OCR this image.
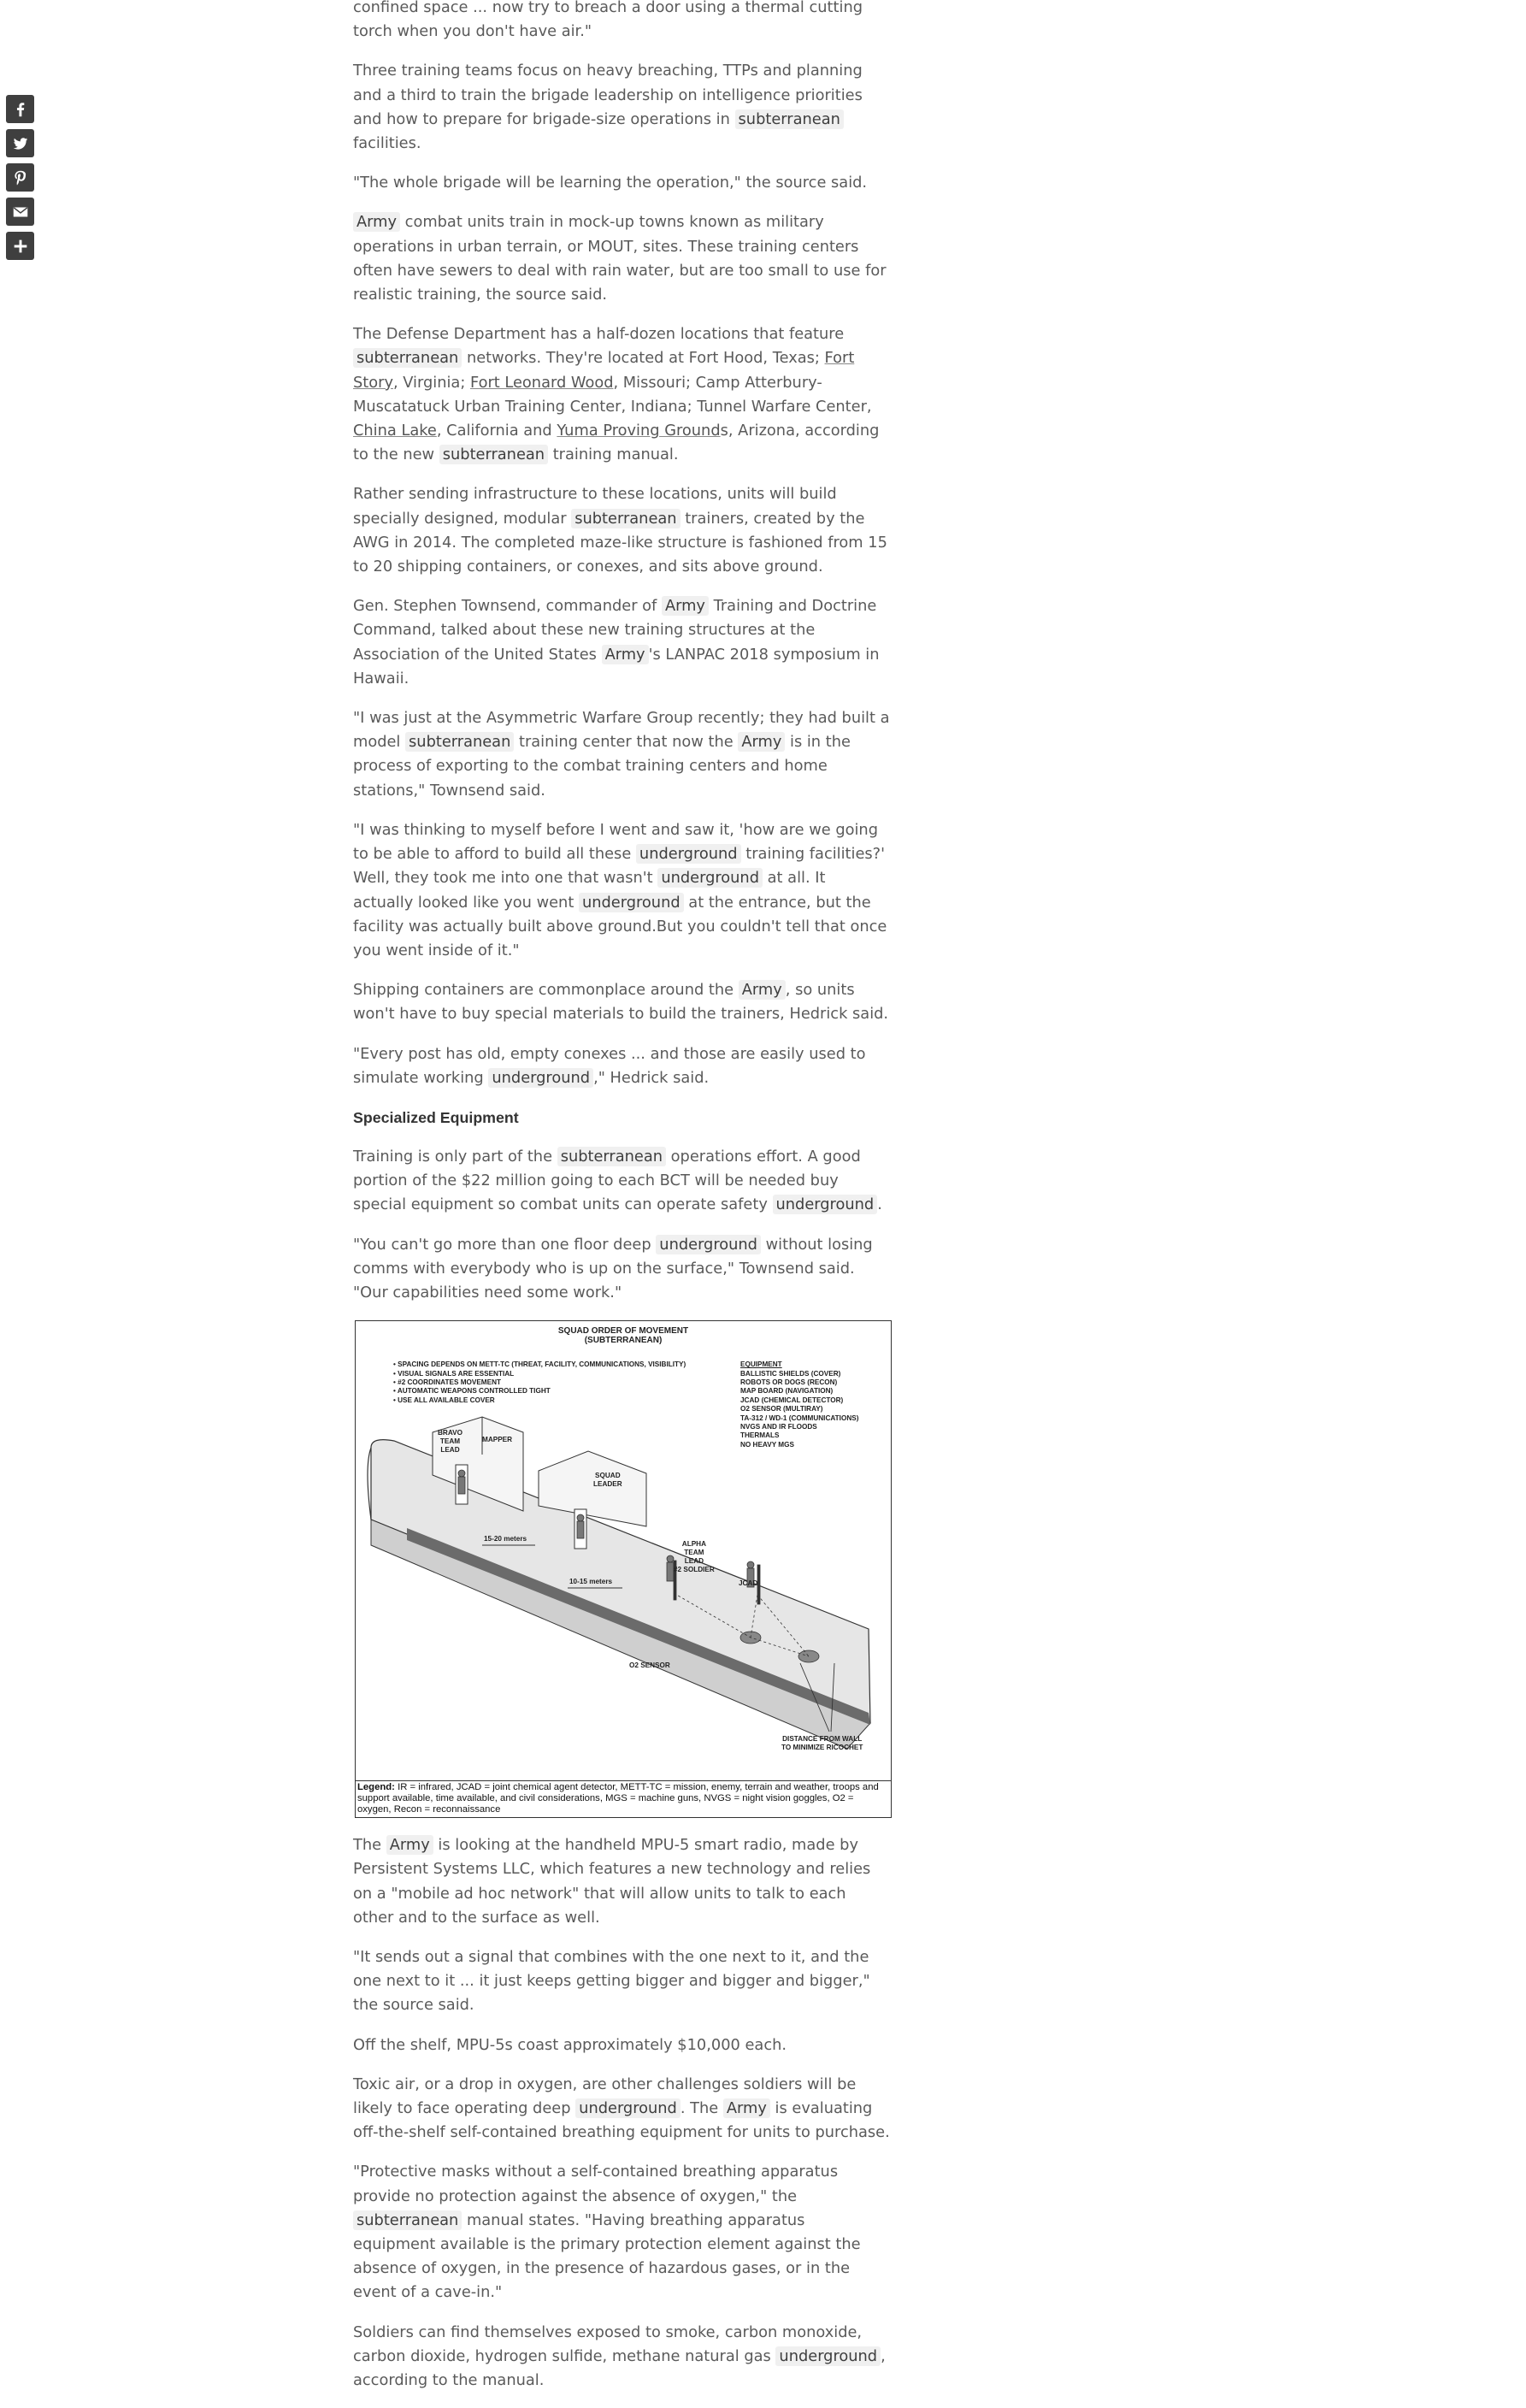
confined space ... now try to breach a door using a thermal cutting torch when you don't have air."

Three training teams focus on heavy breaching, TTPs and planning and a third to train the brigade leadership on intelligence priorities and how to prepare for brigade-size operations in subterranean facilities.

"The whole brigade will be learning the operation," the source said.

Army combat units train in mock-up towns known as military operations in urban terrain, or MOUT, sites. These training centers often have sewers to deal with rain water, but are too small to use for realistic training, the source said.

The Defense Department has a half-dozen locations that feature subterranean networks. They're located at Fort Hood, Texas; Fort Story, Virginia; Fort Leonard Wood, Missouri; Camp Atterbury-Muscatatuck Urban Training Center, Indiana; Tunnel Warfare Center, China Lake, California and Yuma Proving Grounds, Arizona, according to the new subterranean training manual.

Rather sending infrastructure to these locations, units will build specially designed, modular subterranean trainers, created by the AWG in 2014. The completed maze-like structure is fashioned from 15 to 20 shipping containers, or conexes, and sits above ground.

Gen. Stephen Townsend, commander of Army Training and Doctrine Command, talked about these new training structures at the Association of the United States Army 's LANPAC 2018 symposium in Hawaii.

"I was just at the Asymmetric Warfare Group recently; they had built a model subterranean training center that now the Army is in the process of exporting to the combat training centers and home stations," Townsend said.

"I was thinking to myself before I went and saw it, 'how are we going to be able to afford to build all these underground training facilities?' Well, they took me into one that wasn't underground at all. It actually looked like you went underground at the entrance, but the facility was actually built above ground.But you couldn't tell that once you went inside of it."

Shipping containers are commonplace around the Army , so units won't have to buy special materials to build the trainers, Hedrick said.

"Every post has old, empty conexes ... and those are easily used to simulate working underground ," Hedrick said.

Specialized Equipment

Training is only part of the subterranean operations effort. A good portion of the $22 million going to each BCT will be needed buy special equipment so combat units can operate safety underground .

"You can't go more than one floor deep underground without losing comms with everybody who is up on the surface," Townsend said. "Our capabilities need some work."

SQUAD ORDER OF MOVEMENT
(SUBTERRANEAN)
• SPACING DEPENDS ON METT-TC (THREAT, FACILITY, COMMUNICATIONS, VISIBILITY)
• VISUAL SIGNALS ARE ESSENTIAL
• #2 COORDINATES MOVEMENT
• AUTOMATIC WEAPONS CONTROLLED TIGHT
• USE ALL AVAILABLE COVER
EQUIPMENT
BALLISTIC SHIELDS (COVER)
ROBOTS OR DOGS (RECON)
MAP BOARD (NAVIGATION)
JCAD (CHEMICAL DETECTOR)
O2 SENSOR (MULTIRAY)
TA-312 / WD-1 (COMMUNICATIONS)
NVGS AND IR FLOODS
THERMALS
NO HEAVY MGS
BRAVO
TEAM
LEAD
MAPPER
SQUAD
LEADER
15-20 meters
10-15 meters
ALPHA
TEAM
LEAD
#2 SOLDIER
JCAD
O2 SENSOR
DISTANCE FROM WALL
TO MINIMIZE RICOCHET
Legend: IR = infrared, JCAD = joint chemical agent detector, METT-TC = mission, enemy, terrain and weather, troops and support available, time available, and civil considerations, MGS = machine guns, NVGS = night vision goggles, O2 = oxygen, Recon = reconnaissance

The Army is looking at the handheld MPU-5 smart radio, made by Persistent Systems LLC, which features a new technology and relies on a "mobile ad hoc network" that will allow units to talk to each other and to the surface as well.

"It sends out a signal that combines with the one next to it, and the one next to it ... it just keeps getting bigger and bigger and bigger," the source said.

Off the shelf, MPU-5s coast approximately $10,000 each.

Toxic air, or a drop in oxygen, are other challenges soldiers will be likely to face operating deep underground . The Army is evaluating off-the-shelf self-contained breathing equipment for units to purchase.

"Protective masks without a self-contained breathing apparatus provide no protection against the absence of oxygen," the subterranean manual states. "Having breathing apparatus equipment available is the primary protection element against the absence of oxygen, in the presence of hazardous gases, or in the event of a cave-in."

Soldiers can find themselves exposed to smoke, carbon monoxide, carbon dioxide, hydrogen sulfide, methane natural gas underground , according to the manual.
